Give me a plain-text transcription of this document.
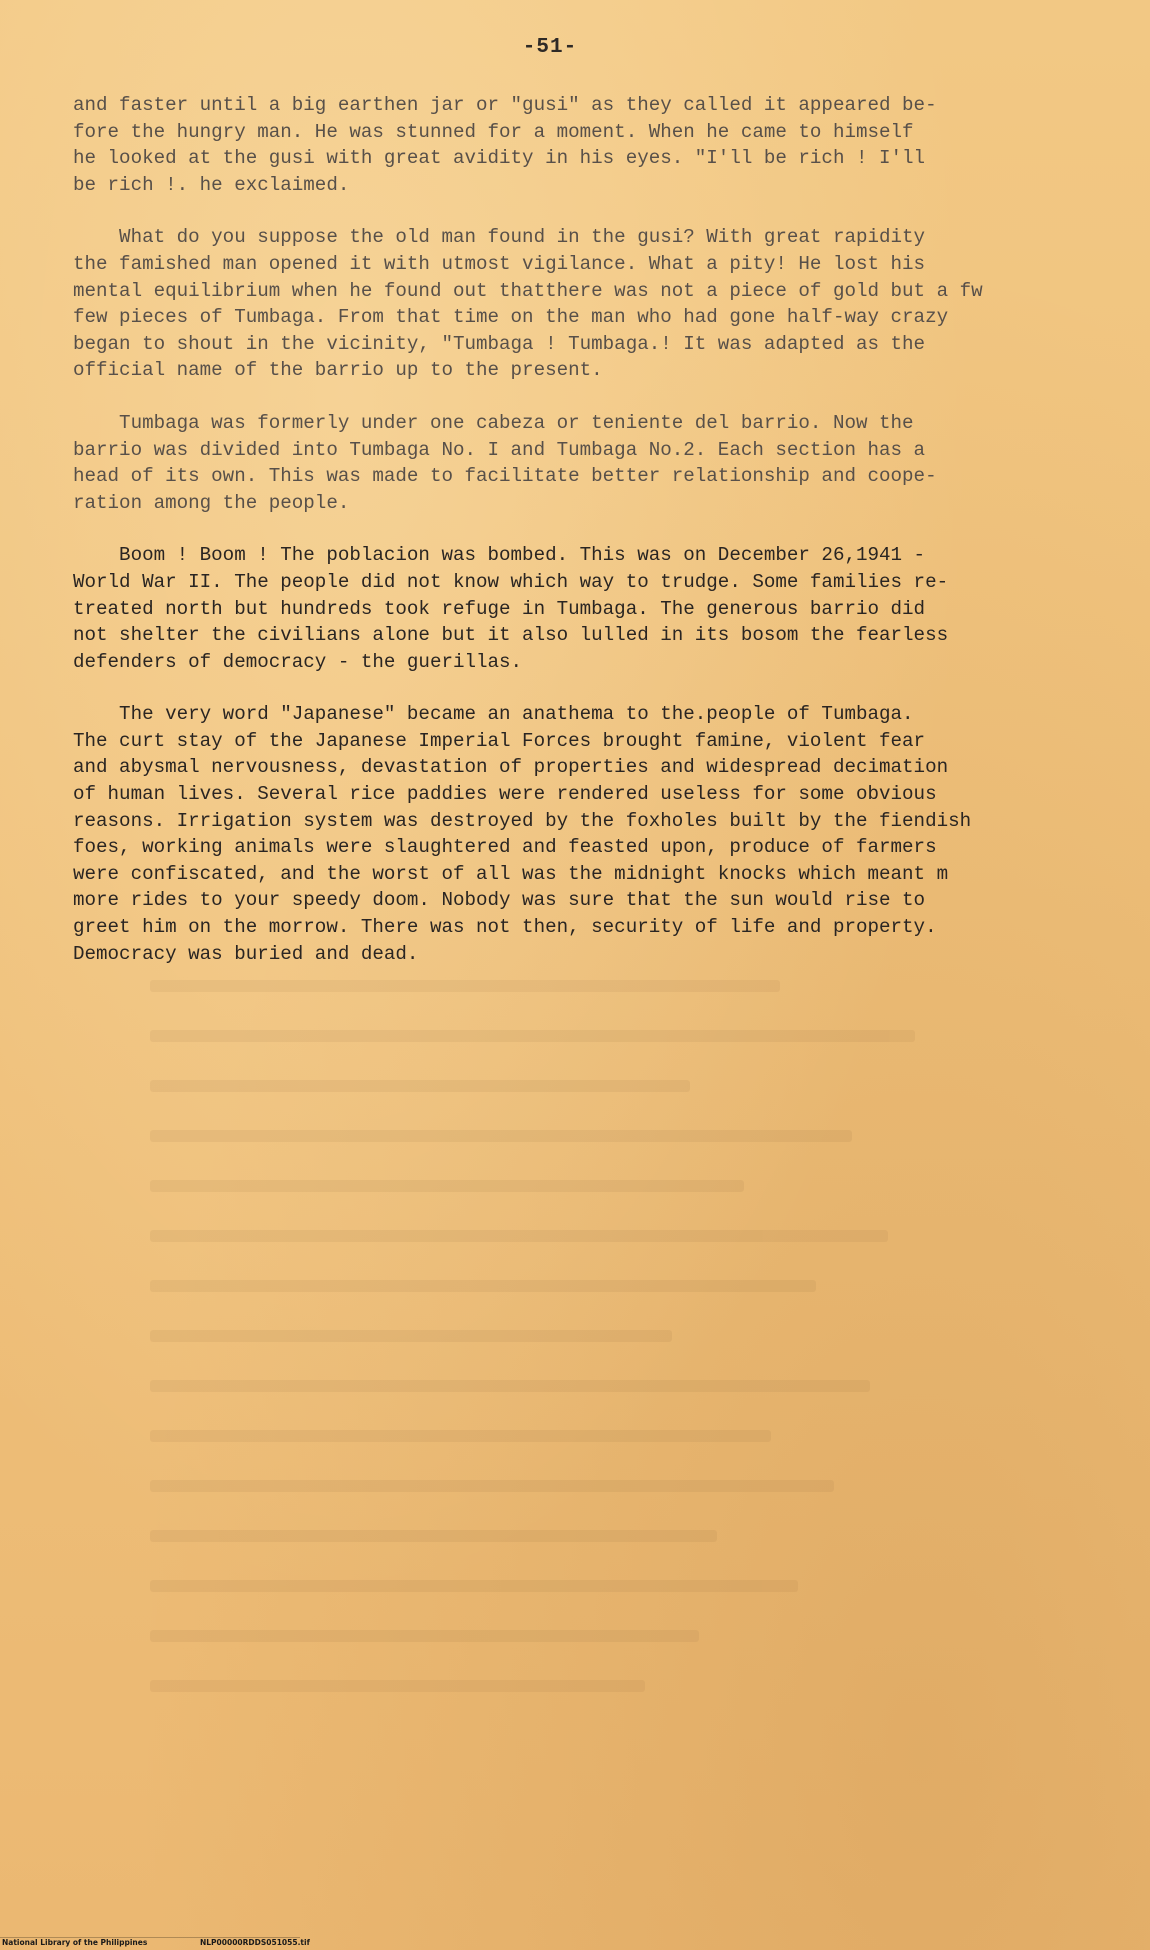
-51-
and faster until a big earthen jar or "gusi" as they called it appeared be-
fore the hungry man. He was stunned for a moment. When he came to himself
he looked at the gusi with great avidity in his eyes. "I'll be rich ! I'll
be rich !. he exclaimed.
What do you suppose the old man found in the gusi? With great rapidity
the famished man opened it with utmost vigilance. What a pity! He lost his
mental equilibrium when he found out thatthere was not a piece of gold but a fw
few pieces of Tumbaga. From that time on the man who had gone half-way crazy
began to shout in the vicinity, "Tumbaga ! Tumbaga.! It was adapted as the
official name of the barrio up to the present.
Tumbaga was formerly under one cabeza or teniente del barrio. Now the
barrio was divided into Tumbaga No. I and Tumbaga No.2. Each section has a
head of its own. This was made to facilitate better relationship and coope-
ration among the people.
Boom ! Boom ! The poblacion was bombed. This was on December 26,1941 -
World War II. The people did not know which way to trudge. Some families re-
treated north but hundreds took refuge in Tumbaga. The generous barrio did
not shelter the civilians alone but it also lulled in its bosom the fearless
defenders of democracy - the guerillas.
The very word "Japanese" became an anathema to the.people of Tumbaga.
The curt stay of the Japanese Imperial Forces brought famine, violent fear
and abysmal nervousness, devastation of properties and widespread decimation
of human lives. Several rice paddies were rendered useless for some obvious
reasons. Irrigation system was destroyed by the foxholes built by the fiendish
foes, working animals were slaughtered and feasted upon, produce of farmers
were confiscated, and the worst of all was the midnight knocks which meant m
more rides to your speedy doom. Nobody was sure that the sun would rise to
greet him on the morrow. There was not then, security of life and property.
Democracy was buried and dead.
National Library of the Philippines	NLP00000RDDS051055.tif
